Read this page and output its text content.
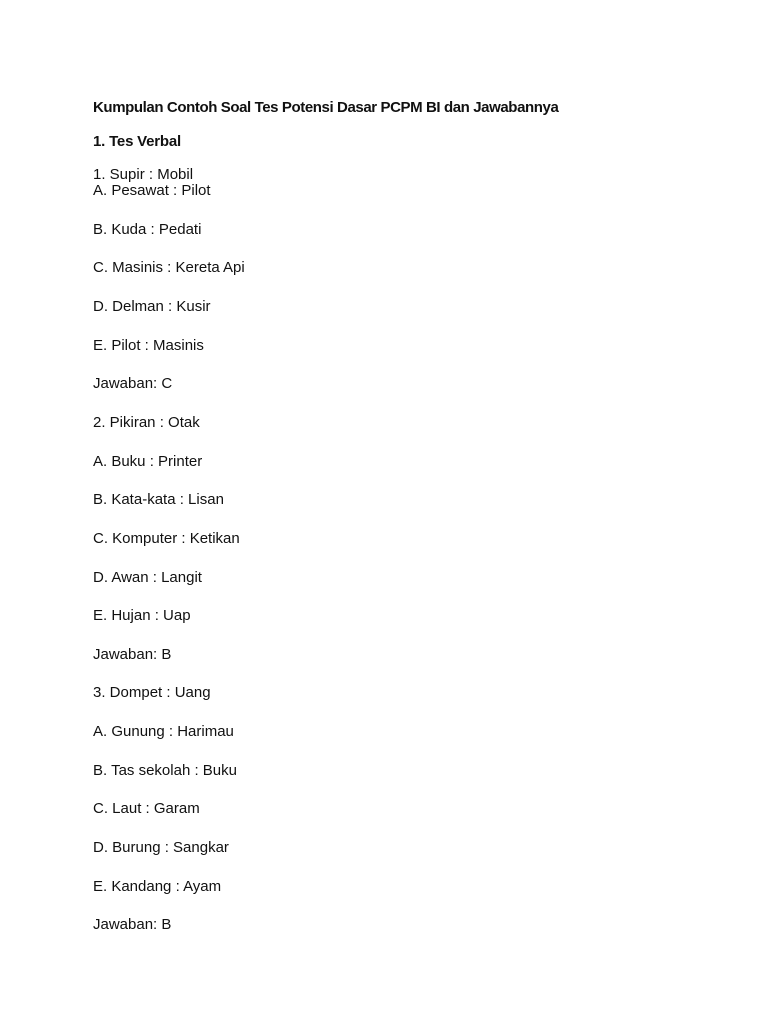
Kumpulan Contoh Soal Tes Potensi Dasar PCPM BI dan Jawabannya
1. Tes Verbal
1. Supir : Mobil
A. Pesawat : Pilot
B. Kuda : Pedati
C. Masinis : Kereta Api
D. Delman : Kusir
E. Pilot : Masinis
Jawaban: C
2. Pikiran : Otak
A. Buku : Printer
B. Kata-kata : Lisan
C. Komputer : Ketikan
D. Awan : Langit
E. Hujan : Uap
Jawaban: B
3. Dompet : Uang
A. Gunung : Harimau
B. Tas sekolah : Buku
C. Laut : Garam
D. Burung : Sangkar
E. Kandang : Ayam
Jawaban: B
